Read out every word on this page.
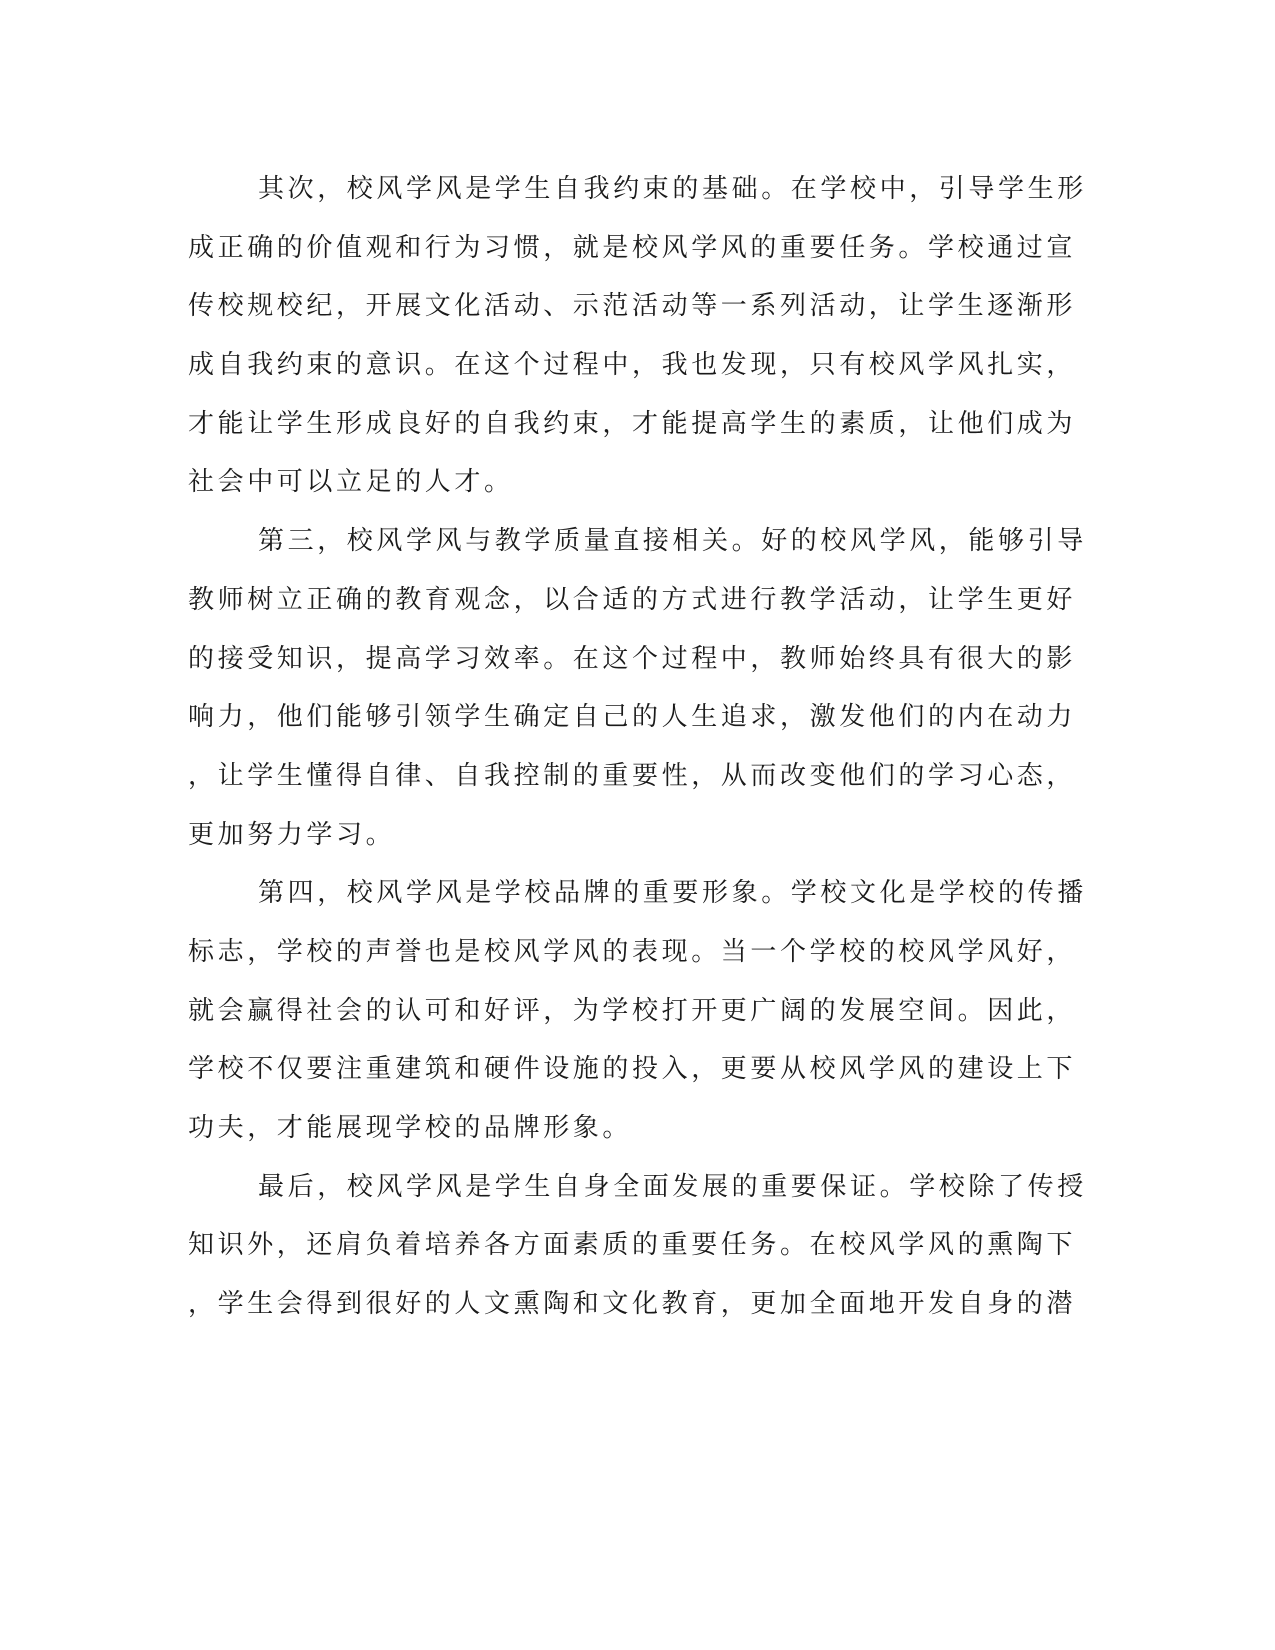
其次，校风学风是学生自我约束的基础。在学校中，引导学生形
成正确的价值观和行为习惯，就是校风学风的重要任务。学校通过宣
传校规校纪，开展文化活动、示范活动等一系列活动，让学生逐渐形
成自我约束的意识。在这个过程中，我也发现，只有校风学风扎实，
才能让学生形成良好的自我约束，才能提高学生的素质，让他们成为
社会中可以立足的人才。
第三，校风学风与教学质量直接相关。好的校风学风，能够引导
教师树立正确的教育观念，以合适的方式进行教学活动，让学生更好
的接受知识，提高学习效率。在这个过程中，教师始终具有很大的影
响力，他们能够引领学生确定自己的人生追求，激发他们的内在动力
，让学生懂得自律、自我控制的重要性，从而改变他们的学习心态，
更加努力学习。
第四，校风学风是学校品牌的重要形象。学校文化是学校的传播
标志，学校的声誉也是校风学风的表现。当一个学校的校风学风好，
就会赢得社会的认可和好评，为学校打开更广阔的发展空间。因此，
学校不仅要注重建筑和硬件设施的投入，更要从校风学风的建设上下
功夫，才能展现学校的品牌形象。
最后，校风学风是学生自身全面发展的重要保证。学校除了传授
知识外，还肩负着培养各方面素质的重要任务。在校风学风的熏陶下
，学生会得到很好的人文熏陶和文化教育，更加全面地开发自身的潜
